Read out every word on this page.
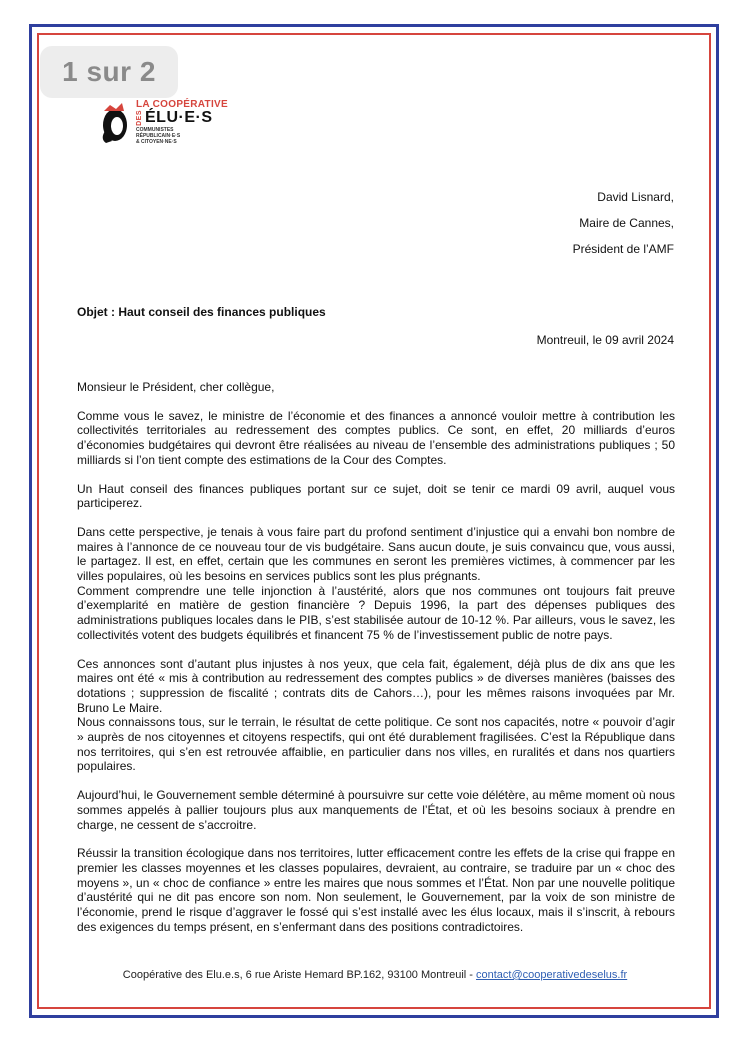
1 sur 2
LA COOPÉRATIVE
DES ÉLU·E·S
COMMUNISTES
RÉPUBLICAIN·E·S
& CITOYEN·NE·S
David Lisnard,
Maire de Cannes,
Président de l’AMF
Objet : Haut conseil des finances publiques
Montreuil, le 09 avril 2024

Monsieur le Président, cher collègue,

Comme vous le savez, le ministre de l’économie et des finances a annoncé vouloir mettre à contribution les collectivités territoriales au redressement des comptes publics. Ce sont, en effet, 20 milliards d’euros d’économies budgétaires qui devront être réalisées au niveau de l’ensemble des administrations publiques ; 50 milliards si l’on tient compte des estimations de la Cour des Comptes.

Un Haut conseil des finances publiques portant sur ce sujet, doit se tenir ce mardi 09 avril, auquel vous participerez.

Dans cette perspective, je tenais à vous faire part du profond sentiment d’injustice qui a envahi bon nombre de maires à l’annonce de ce nouveau tour de vis budgétaire. Sans aucun doute, je suis convaincu que, vous aussi, le partagez. Il est, en effet, certain que les communes en seront les premières victimes, à commencer par les villes populaires, où les besoins en services publics sont les plus prégnants.

Comment comprendre une telle injonction à l’austérité, alors que nos communes ont toujours fait preuve d’exemplarité en matière de gestion financière ? Depuis 1996, la part des dépenses publiques des administrations publiques locales dans le PIB, s’est stabilisée autour de 10-12 %. Par ailleurs, vous le savez, les collectivités votent des budgets équilibrés et financent 75 % de l’investissement public de notre pays.

Ces annonces sont d’autant plus injustes à nos yeux, que cela fait, également, déjà plus de dix ans que les maires ont été « mis à contribution au redressement des comptes publics » de diverses manières (baisses des dotations ; suppression de fiscalité ; contrats dits de Cahors…), pour les mêmes raisons invoquées par Mr. Bruno Le Maire.

Nous connaissons tous, sur le terrain, le résultat de cette politique. Ce sont nos capacités, notre « pouvoir d’agir » auprès de nos citoyennes et citoyens respectifs, qui ont été durablement fragilisées. C’est la République dans nos territoires, qui s’en est retrouvée affaiblie, en particulier dans nos villes, en ruralités et dans nos quartiers populaires.

Aujourd’hui, le Gouvernement semble déterminé à poursuivre sur cette voie délétère, au même moment où nous sommes appelés à pallier toujours plus aux manquements de l’État, et où les besoins sociaux à prendre en charge, ne cessent de s’accroitre.

Réussir la transition écologique dans nos territoires, lutter efficacement contre les effets de la crise qui frappe en premier les classes moyennes et les classes populaires, devraient, au contraire, se traduire par un « choc des moyens », un « choc de confiance » entre les maires que nous sommes et l’État. Non par une nouvelle politique d’austérité qui ne dit pas encore son nom. Non seulement, le Gouvernement, par la voix de son ministre de l’économie, prend le risque d’aggraver le fossé qui s’est installé avec les élus locaux, mais il s’inscrit, à rebours des exigences du temps présent, en s’enfermant dans des positions contradictoires.

Coopérative des Elu.e.s, 6 rue Ariste Hemard BP.162, 93100 Montreuil - contact@cooperativedeselus.fr
